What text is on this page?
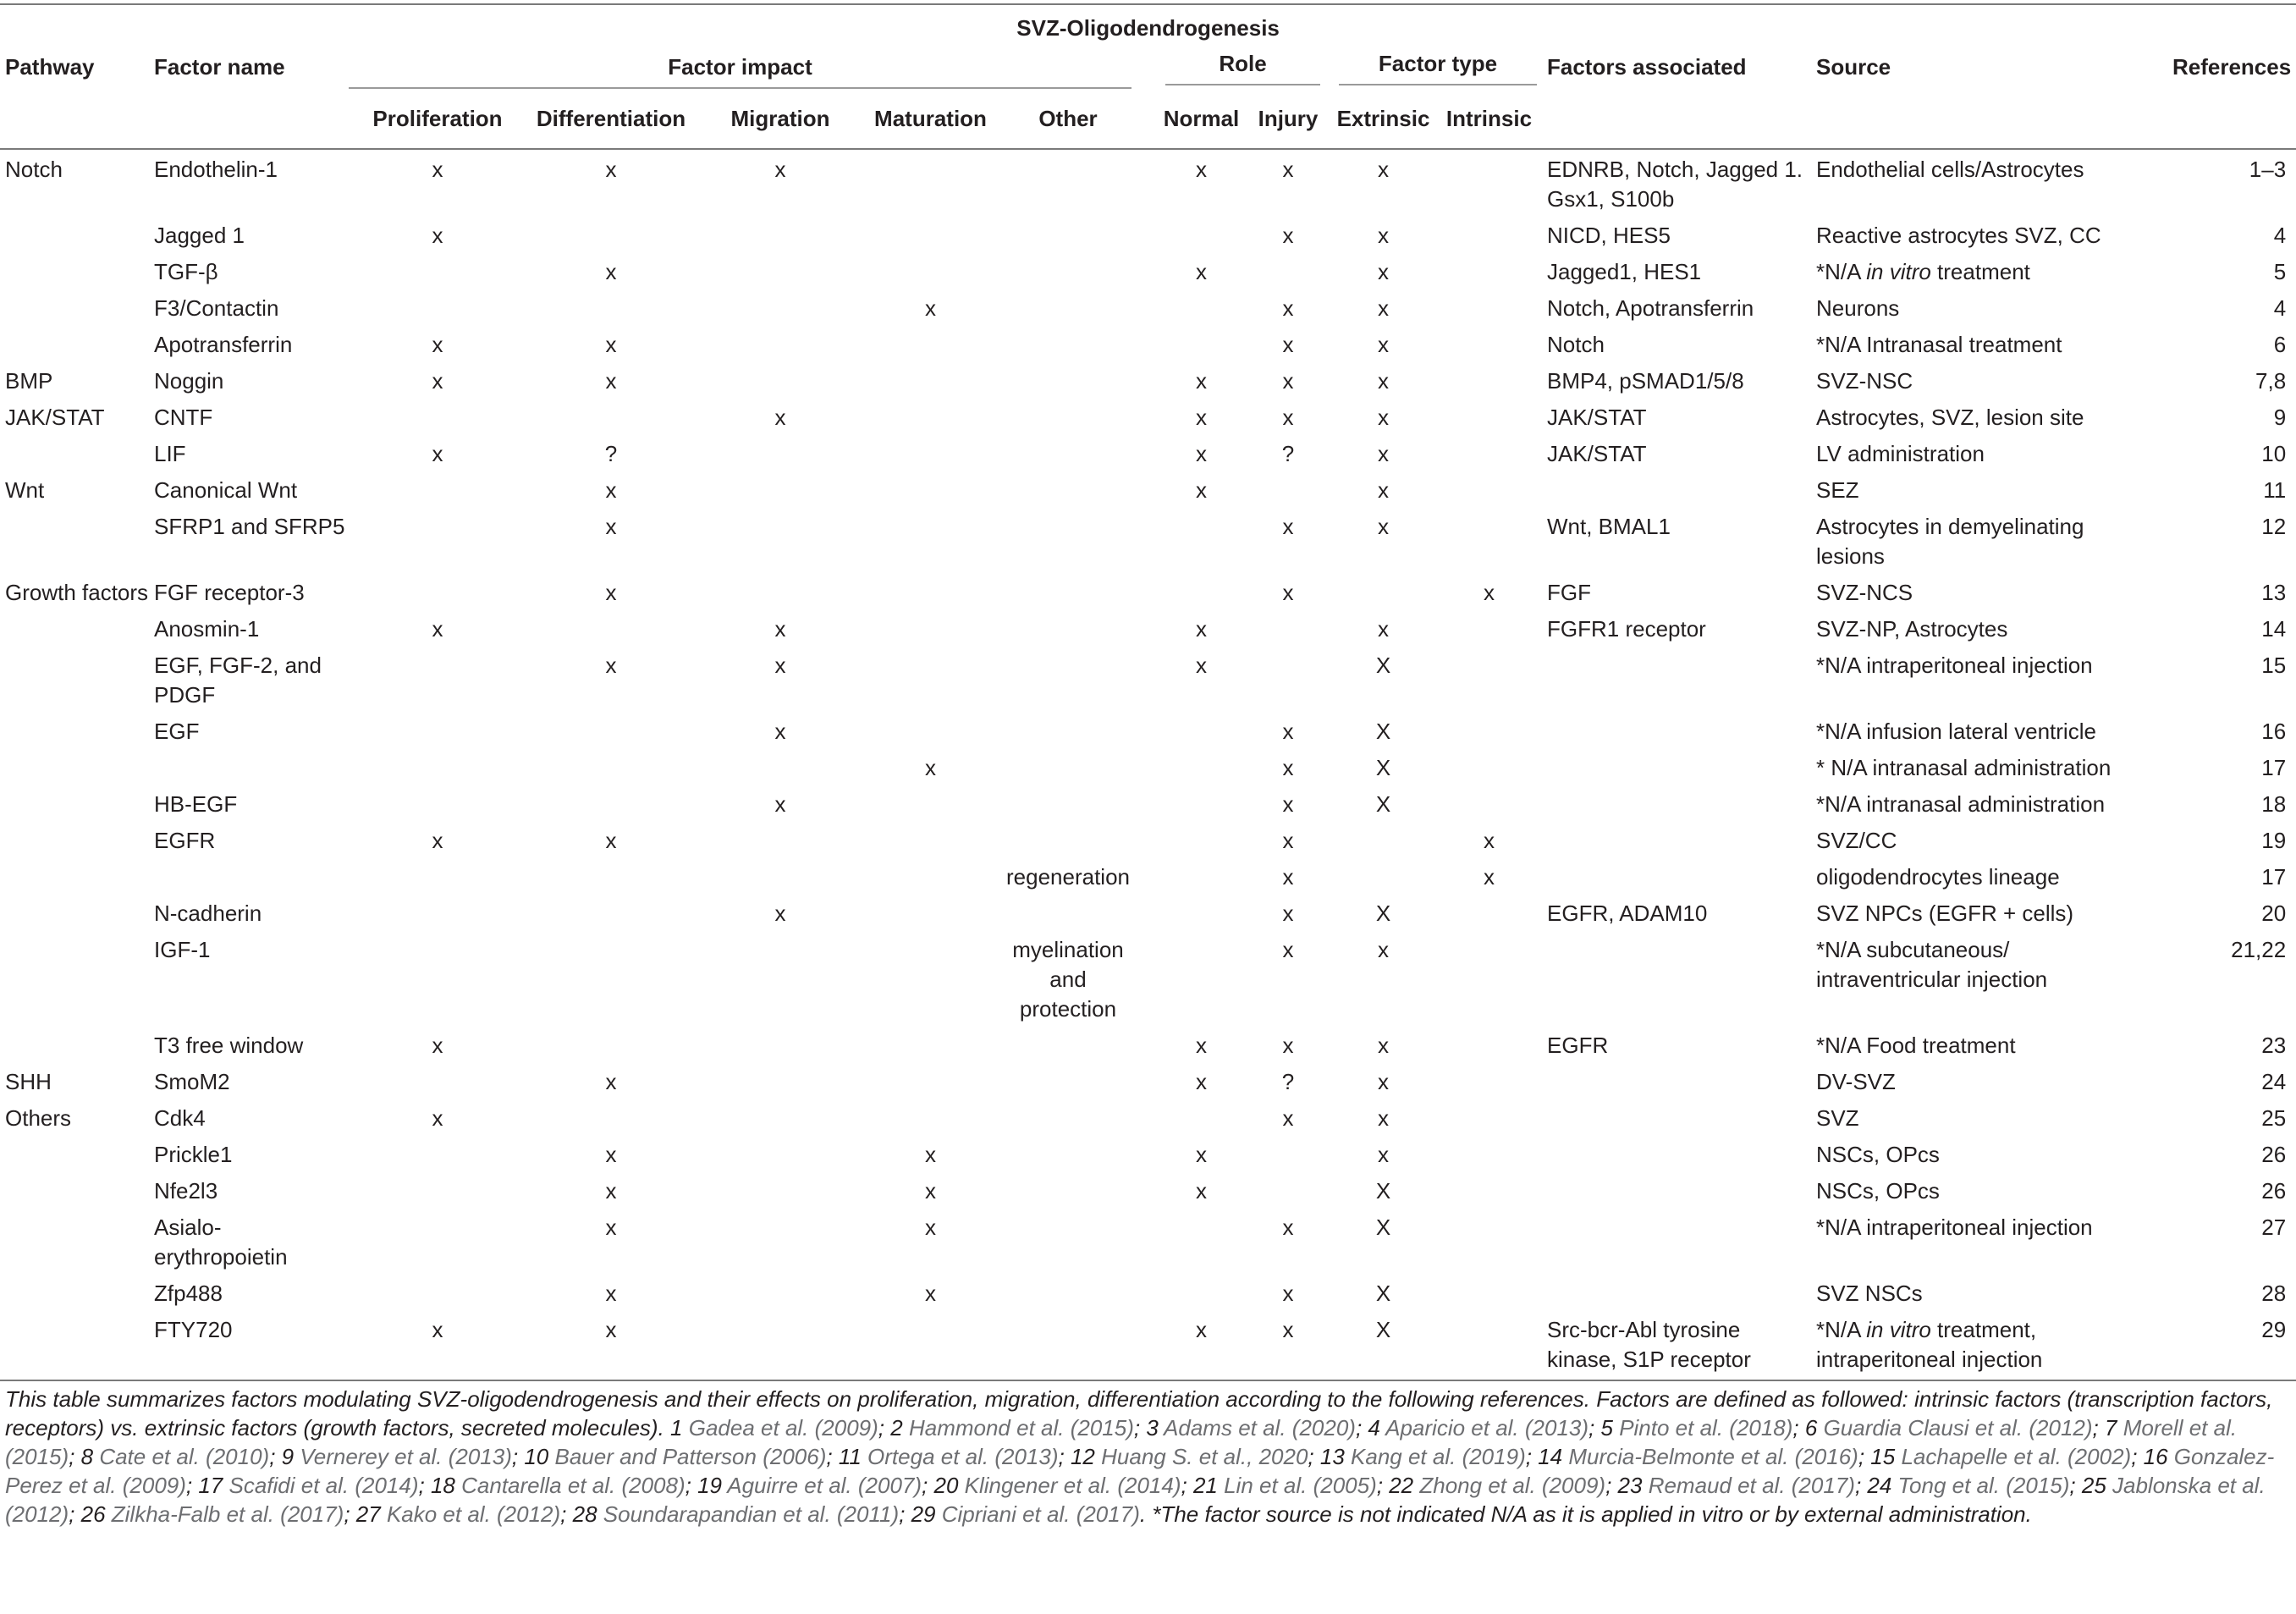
SVZ-Oligodendrogenesis													
Pathway	Factor name	Factor impact					Role		Factor type		Factors associated	Source	References
		Proliferation	Differentiation	Migration	Maturation	Other	Normal	Injury	Extrinsic	Intrinsic			
Notch	Endothelin-1	x	x	x			x	x	x		EDNRB, Notch, Jagged 1. Gsx1, S100b	Endothelial cells/Astrocytes	1–3
	Jagged 1	x						x	x		NICD, HES5	Reactive astrocytes SVZ, CC	4
	TGF-β		x				x		x		Jagged1, HES1	*N/A in vitro treatment	5
	F3/Contactin				x			x	x		Notch, Apotransferrin	Neurons	4
	Apotransferrin	x	x					x	x		Notch	*N/A Intranasal treatment	6
BMP	Noggin	x	x				x	x	x		BMP4, pSMAD1/5/8	SVZ-NSC	7,8
JAK/STAT	CNTF			x			x	x	x		JAK/STAT	Astrocytes, SVZ, lesion site	9
	LIF	x	?				x	?	x		JAK/STAT	LV administration	10
Wnt	Canonical Wnt		x				x		x			SEZ	11
	SFRP1 and SFRP5		x					x	x		Wnt, BMAL1	Astrocytes in demyelinating lesions	12
Growth factors	FGF receptor-3		x					x		x	FGF	SVZ-NCS	13
	Anosmin-1	x		x			x		x		FGFR1 receptor	SVZ-NP, Astrocytes	14
	EGF, FGF-2, and PDGF		x	x			x		X			*N/A intraperitoneal injection	15
	EGF			x				x	X			*N/A infusion lateral ventricle	16
					x			x	X			* N/A intranasal administration	17
	HB-EGF			x				x	X			*N/A intranasal administration	18
	EGFR	x	x					x		x		SVZ/CC	19
						regeneration		x		x		oligodendrocytes lineage	17
	N-cadherin			x				x	X		EGFR, ADAM10	SVZ NPCs (EGFR + cells)	20
	IGF-1					myelination and protection		x	x			*N/A subcutaneous/ intraventricular injection	21,22
	T3 free window	x					x	x	x		EGFR	*N/A Food treatment	23
SHH	SmoM2		x				x	?	x			DV-SVZ	24
Others	Cdk4	x						x	x			SVZ	25
	Prickle1		x		x		x		x			NSCs, OPcs	26
	Nfe2l3		x		x		x		X			NSCs, OPcs	26
	Asialo-erythropoietin		x		x			x	X			*N/A intraperitoneal injection	27
	Zfp488		x		x			x	X			SVZ NSCs	28
	FTY720	x	x				x	x	X		Src-bcr-Abl tyrosine kinase, S1P receptor	*N/A in vitro treatment, intraperitoneal injection	29
This table summarizes factors modulating SVZ-oligodendrogenesis and their effects on proliferation, migration, differentiation according to the following references. Factors are defined as followed: intrinsic factors (transcription factors, receptors) vs. extrinsic factors (growth factors, secreted molecules). 1 Gadea et al. (2009); 2 Hammond et al. (2015); 3 Adams et al. (2020); 4 Aparicio et al. (2013); 5 Pinto et al. (2018); 6 Guardia Clausi et al. (2012); 7 Morell et al. (2015); 8 Cate et al. (2010); 9 Vernerey et al. (2013); 10 Bauer and Patterson (2006); 11 Ortega et al. (2013); 12 Huang S. et al., 2020; 13 Kang et al. (2019); 14 Murcia-Belmonte et al. (2016); 15 Lachapelle et al. (2002); 16 Gonzalez-Perez et al. (2009); 17 Scafidi et al. (2014); 18 Cantarella et al. (2008); 19 Aguirre et al. (2007); 20 Klingener et al. (2014); 21 Lin et al. (2005); 22 Zhong et al. (2009); 23 Remaud et al. (2017); 24 Tong et al. (2015); 25 Jablonska et al. (2012); 26 Zilkha-Falb et al. (2017); 27 Kako et al. (2012); 28 Soundarapandian et al. (2011); 29 Cipriani et al. (2017). *The factor source is not indicated N/A as it is applied in vitro or by external administration.
